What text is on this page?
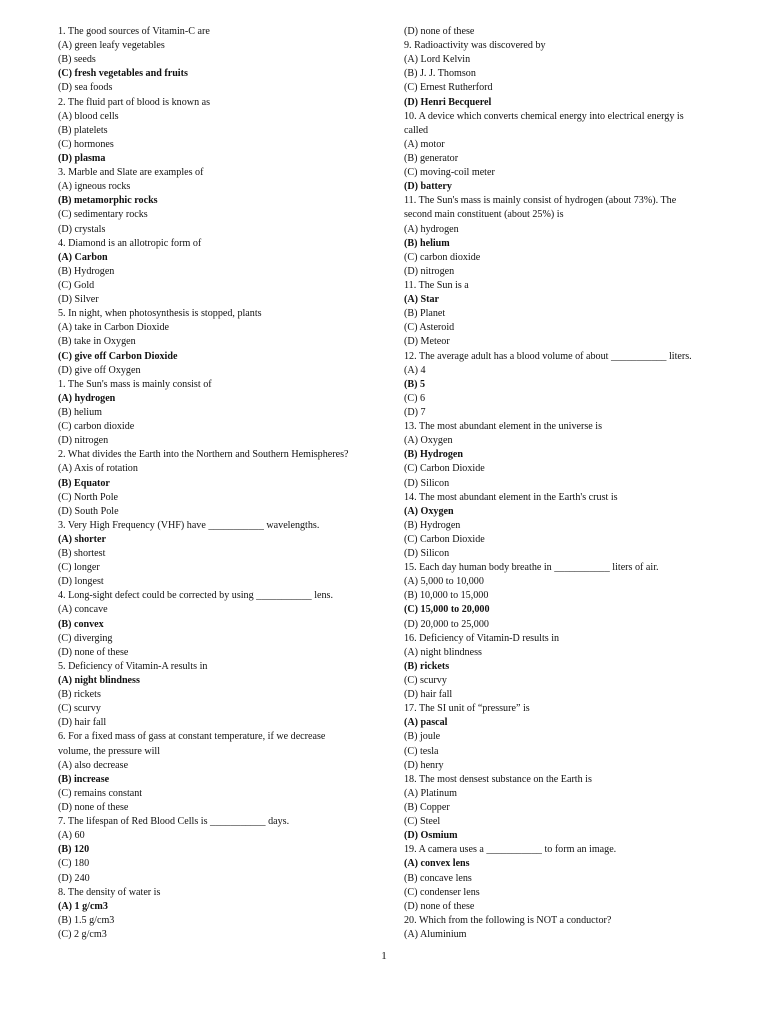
1. The good sources of Vitamin-C are
(A) green leafy vegetables
(B) seeds
(C) fresh vegetables and fruits
(D) sea foods
2. The fluid part of blood is known as
(A) blood cells
(B) platelets
(C) hormones
(D) plasma
3. Marble and Slate are examples of
(A) igneous rocks
(B) metamorphic rocks
(C) sedimentary rocks
(D) crystals
4. Diamond is an allotropic form of
(A) Carbon
(B) Hydrogen
(C) Gold
(D) Silver
5. In night, when photosynthesis is stopped, plants
(A) take in Carbon Dioxide
(B) take in Oxygen
(C) give off Carbon Dioxide
(D) give off Oxygen
1. The Sun's mass is mainly consist of
(A) hydrogen
(B) helium
(C) carbon dioxide
(D) nitrogen
2. What divides the Earth into the Northern and Southern Hemispheres?
(A) Axis of rotation
(B) Equator
(C) North Pole
(D) South Pole
3. Very High Frequency (VHF) have ___________ wavelengths.
(A) shorter
(B) shortest
(C) longer
(D) longest
4. Long-sight defect could be corrected by using ___________ lens.
(A) concave
(B) convex
(C) diverging
(D) none of these
5. Deficiency of Vitamin-A results in
(A) night blindness
(B) rickets
(C) scurvy
(D) hair fall
6. For a fixed mass of gass at constant temperature, if we decrease
volume, the pressure will
(A) also decrease
(B) increase
(C) remains constant
(D) none of these
7. The lifespan of Red Blood Cells is ___________ days.
(A) 60
(B) 120
(C) 180
(D) 240
8. The density of water is
(A) 1 g/cm3
(B) 1.5 g/cm3
(C) 2 g/cm3
(D) none of these
9. Radioactivity was discovered by
(A) Lord Kelvin
(B) J. J. Thomson
(C) Ernest Rutherford
(D) Henri Becquerel
10. A device which converts chemical energy into electrical energy is
called
(A) motor
(B) generator
(C) moving-coil meter
(D) battery
11. The Sun's mass is mainly consist of hydrogen (about 73%). The
second main constituent (about 25%) is
(A) hydrogen
(B) helium
(C) carbon dioxide
(D) nitrogen
11. The Sun is a
(A) Star
(B) Planet
(C) Asteroid
(D) Meteor
12. The average adult has a blood volume of about ___________ liters.
(A) 4
(B) 5
(C) 6
(D) 7
13. The most abundant element in the universe is
(A) Oxygen
(B) Hydrogen
(C) Carbon Dioxide
(D) Silicon
14. The most abundant element in the Earth's crust is
(A) Oxygen
(B) Hydrogen
(C) Carbon Dioxide
(D) Silicon
15. Each day human body breathe in ___________ liters of air.
(A) 5,000 to 10,000
(B) 10,000 to 15,000
(C) 15,000 to 20,000
(D) 20,000 to 25,000
16. Deficiency of Vitamin-D results in
(A) night blindness
(B) rickets
(C) scurvy
(D) hair fall
17. The SI unit of “pressure” is
(A) pascal
(B) joule
(C) tesla
(D) henry
18. The most densest substance on the Earth is
(A) Platinum
(B) Copper
(C) Steel
(D) Osmium
19. A camera uses a ___________ to form an image.
(A) convex lens
(B) concave lens
(C) condenser lens
(D) none of these
20. Which from the following is NOT a conductor?
(A) Aluminium
1
